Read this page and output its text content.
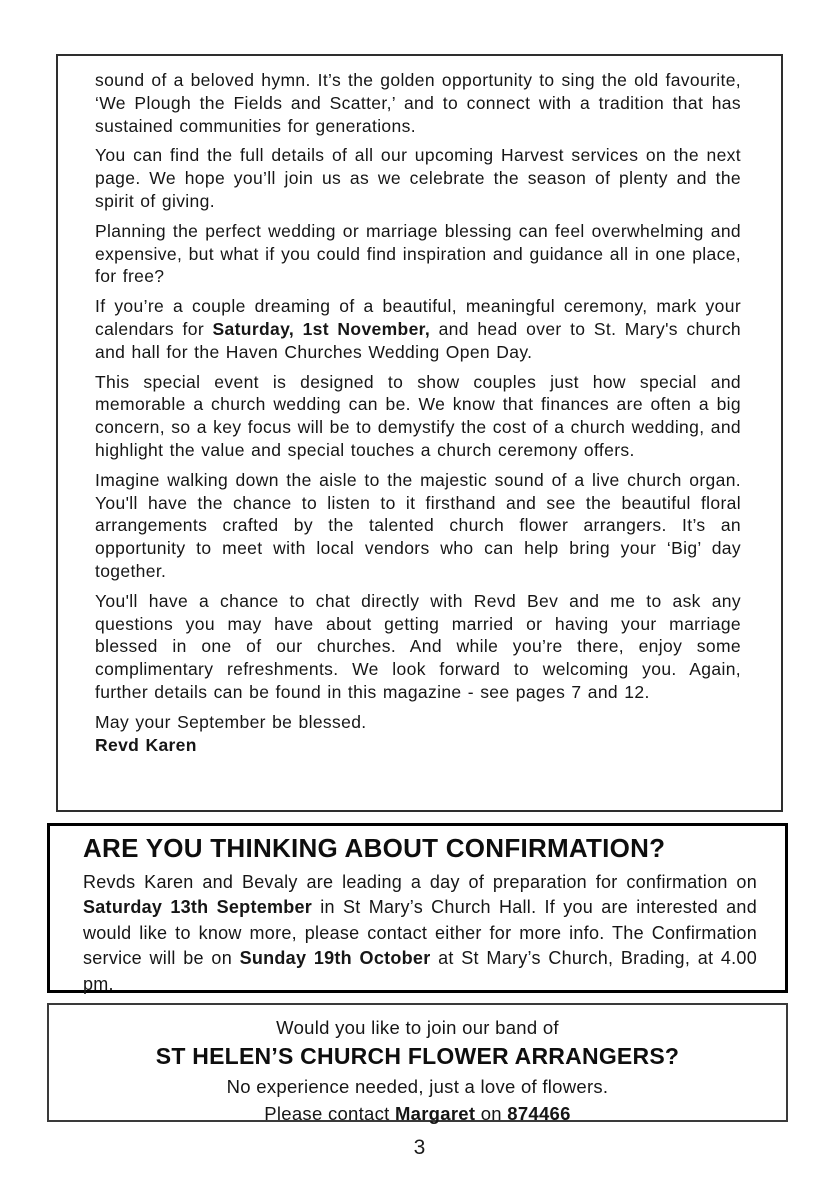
sound of a beloved hymn. It’s the golden opportunity to sing the old favourite, ‘We Plough the Fields and Scatter,’ and to connect with a tradition that has sustained communities for generations.

You can find the full details of all our upcoming Harvest services on the next page. We hope you’ll join us as we celebrate the season of plenty and the spirit of giving.

Planning the perfect wedding or marriage blessing can feel overwhelming and expensive, but what if you could find inspiration and guidance all in one place, for free?

If you’re a couple dreaming of a beautiful, meaningful ceremony, mark your calendars for Saturday, 1st November, and head over to St. Mary's church and hall for the Haven Churches Wedding Open Day.

This special event is designed to show couples just how special and memorable a church wedding can be. We know that finances are often a big concern, so a key focus will be to demystify the cost of a church wedding, and highlight the value and special touches a church ceremony offers.

Imagine walking down the aisle to the majestic sound of a live church organ. You'll have the chance to listen to it firsthand and see the beautiful floral arrangements crafted by the talented church flower arrangers. It’s an opportunity to meet with local vendors who can help bring your ‘Big’ day together.

You'll have a chance to chat directly with Revd Bev and me to ask any questions you may have about getting married or having your marriage blessed in one of our churches. And while you’re there, enjoy some complimentary refreshments. We look forward to welcoming you. Again, further details can be found in this magazine - see pages 7 and 12.

May your September be blessed.

Revd Karen

ARE YOU THINKING ABOUT CONFIRMATION?

Revds Karen and Bevaly are leading a day of preparation for confirmation on Saturday 13th September in St Mary’s Church Hall. If you are interested and would like to know more, please contact either for more info. The Confirmation service will be on Sunday 19th October at St Mary’s Church, Brading, at 4.00 pm.

Would you like to join our band of

ST HELEN’S CHURCH FLOWER ARRANGERS?

No experience needed, just a love of flowers.

Please contact Margaret on 874466

3
